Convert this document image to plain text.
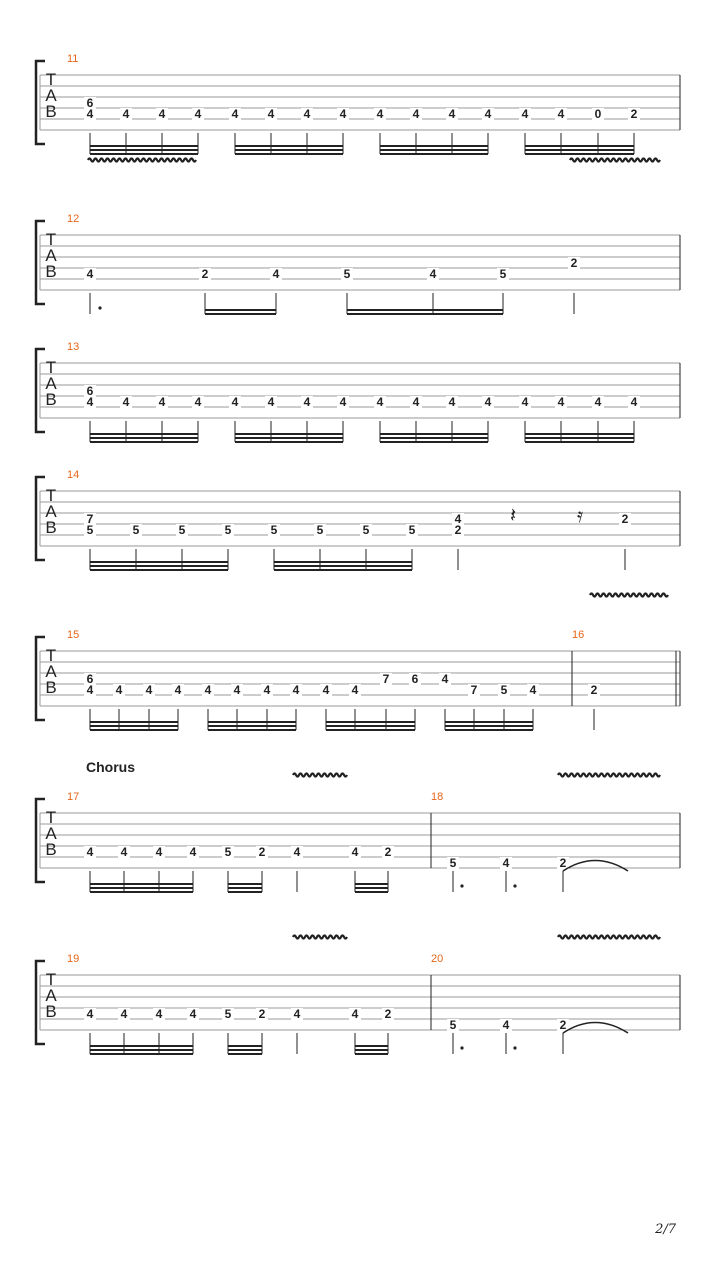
T
A
B
11
6
4 4 4 4	4 4 4 4	4 4 4 4	4 4	0 2
T
A
B
12
4	2	4	5	4	5
2
T
A
B
13
6
4 4 4 4	4 4 4 4	4 4 4 4	4 4	4 4
T
A
B
14
7
5	5	5	5	5	5	5	5
4
2
2
𝄽	𝄿
T
A
B
15	16
6
4 4 4 4 4 4 4 4 4 4
7 6 4
7 5 4	2
T
A
B
17	18
Chorus
4 4 4 4 5 2 4	4 2
5	4	2
T
A
B
19	20
4 4 4 4 5 2 4	4 2
5	4	2
2/7
